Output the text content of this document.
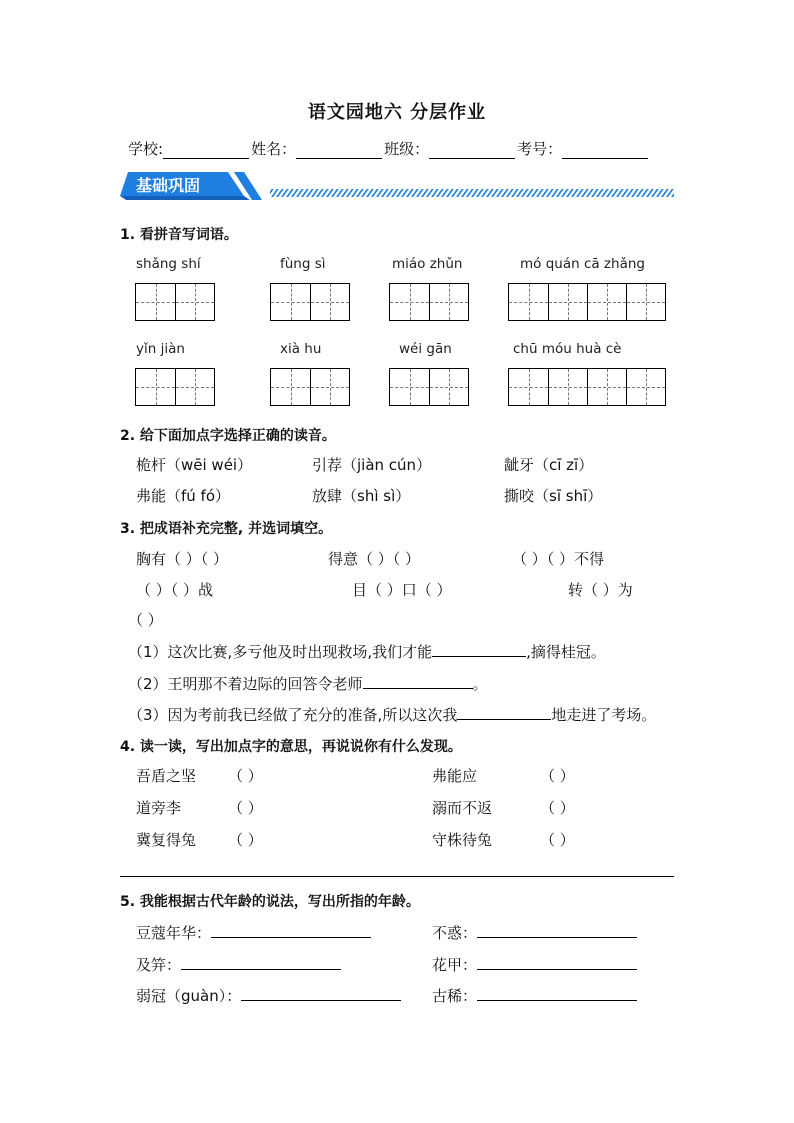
语文园地六 分层作业
学校:	姓名：	班级：	考号：
基础巩固
1. 看拼音写词语。
shǎng shí	fùng sì	miáo zhǔn	mó quán cā zhǎng
yǐn jiàn	xià hu	wéi gān	chū móu huà cè
2. 给下面加点字选择正确的读音。
桅杆（wēi wéi）	引荐（jiàn cún）	龇牙（cī zī）
弗能（fú fó）	放肆（shì sì）	撕咬（sī shī）
3. 把成语补充完整, 并选词填空。
胸有（ ）（ ）	得意（ ）（ ）	（ ）（ ）不得
（ ）（ ）战	目（ ）口（ ）	转（ ）为
（ ）
（1）这次比赛,多亏他及时出现救场,我们才能	,摘得桂冠。
（2）王明那不着边际的回答令老师	。
（3）因为考前我已经做了充分的准备,所以这次我	地走进了考场。
4. 读一读，写出加点字的意思，再说说你有什么发现。
吾盾之坚 （ ）	弗能应	（ ）
道旁李	（ ）	溺而不返	（ ）
冀复得兔 （ ）	守株待兔	（ ）
5. 我能根据古代年龄的说法，写出所指的年龄。
豆蔻年华：	不惑：
及笄：	花甲：
弱冠（guàn）：	古稀：
